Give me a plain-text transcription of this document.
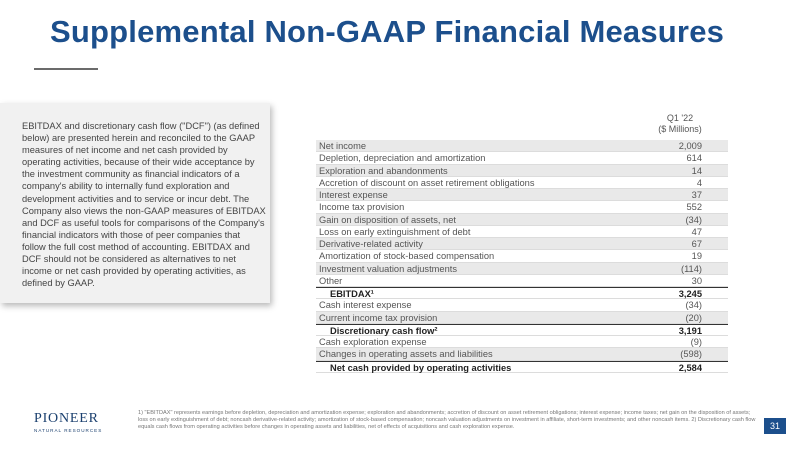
Supplemental Non-GAAP Financial Measures
EBITDAX and discretionary cash flow ("DCF") (as defined below) are presented herein and reconciled to the GAAP measures of net income and net cash provided by operating activities, because of their wide acceptance by the investment community as financial indicators of a company's ability to internally fund exploration and development activities and to service or incur debt. The Company also views the non-GAAP measures of EBITDAX and DCF as useful tools for comparisons of the Company's financial indicators with those of peer companies that follow the full cost method of accounting. EBITDAX and DCF should not be considered as alternatives to net income or net cash provided by operating activities, as defined by GAAP.
Q1 '22
($ Millions)
Net income	2,009
Depletion, depreciation and amortization	614
Exploration and abandonments	14
Accretion of discount on asset retirement obligations	4
Interest expense	37
Income tax provision	552
Gain on disposition of assets, net	(34)
Loss on early extinguishment of debt	47
Derivative-related activity	67
Amortization of stock-based compensation	19
Investment valuation adjustments	(114)
Other	30
EBITDAX¹	3,245
Cash interest expense	(34)
Current income tax provision	(20)
Discretionary cash flow²	3,191
Cash exploration expense	(9)
Changes in operating assets and liabilities	(598)
Net cash provided by operating activities	2,584
1) "EBITDAX" represents earnings before depletion, depreciation and amortization expense; exploration and abandonments; accretion of discount on asset retirement obligations; interest expense; income taxes; net gain on the disposition of assets; loss on early extinguishment of debt; noncash derivative-related activity; amortization of stock-based compensation; noncash valuation adjustments on investment in affiliate, short-term investments; and other noncash items. 2) Discretionary cash flow equals cash flows from operating activities before changes in operating assets and liabilities, net of effects of acquisitions and cash exploration expense.
PIONEER
NATURAL RESOURCES	31
